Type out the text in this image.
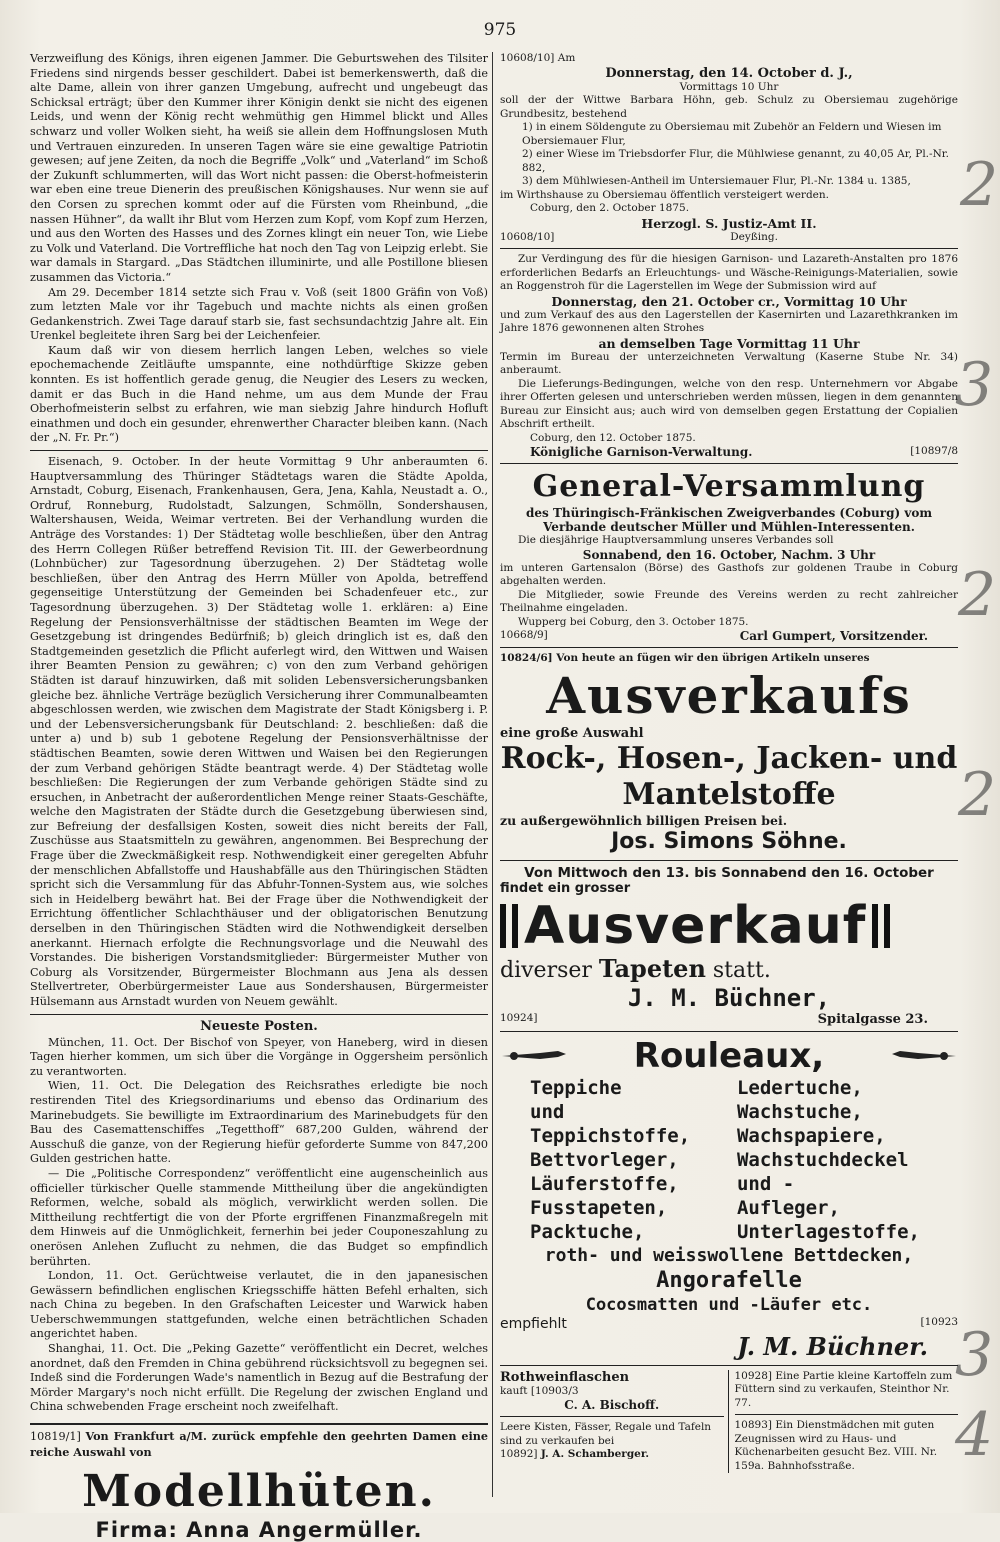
975

Verzweiflung des Königs, ihren eigenen Jammer. Die Geburtswehen des Tilsiter Friedens sind nirgends besser geschildert. Dabei ist bemerkenswerth, daß die alte Dame, allein von ihrer ganzen Umgebung, aufrecht und ungebeugt das Schicksal erträgt; über den Kummer ihrer Königin denkt sie nicht des eigenen Leids, und wenn der König recht wehmüthig gen Himmel blickt und Alles schwarz und voller Wolken sieht, ha weiß sie allein dem Hoffnungslosen Muth und Vertrauen einzureden. In unseren Tagen wäre sie eine gewaltige Patriotin gewesen; auf jene Zeiten, da noch die Begriffe „Volk“ und „Vaterland“ im Schoß der Zukunft schlummerten, will das Wort nicht passen: die Oberst-hofmeisterin war eben eine treue Dienerin des preußischen Königshauses. Nur wenn sie auf den Corsen zu sprechen kommt oder auf die Fürsten vom Rheinbund, „die nassen Hühner“, da wallt ihr Blut vom Herzen zum Kopf, vom Kopf zum Herzen, und aus den Worten des Hasses und des Zornes klingt ein neuer Ton, wie Liebe zu Volk und Vaterland. Die Vortreffliche hat noch den Tag von Leipzig erlebt. Sie war damals in Stargard. „Das Städtchen illuminirte, und alle Postillone bliesen zusammen das Victoria.“

Am 29. December 1814 setzte sich Frau v. Voß (seit 1800 Gräfin von Voß) zum letzten Male vor ihr Tagebuch und machte nichts als einen großen Gedankenstrich. Zwei Tage darauf starb sie, fast sechsundachtzig Jahre alt. Ein Urenkel begleitete ihren Sarg bei der Leichenfeier.

Kaum daß wir von diesem herrlich langen Leben, welches so viele epochemachende Zeitläufte umspannte, eine nothdürftige Skizze geben konnten. Es ist hoffentlich gerade genug, die Neugier des Lesers zu wecken, damit er das Buch in die Hand nehme, um aus dem Munde der Frau Oberhofmeisterin selbst zu erfahren, wie man siebzig Jahre hindurch Hofluft einathmen und doch ein gesunder, ehrenwerther Character bleiben kann. (Nach der „N. Fr. Pr.“)

Eisenach, 9. October. In der heute Vormittag 9 Uhr anberaumten 6. Hauptversammlung des Thüringer Städtetags waren die Städte Apolda, Arnstadt, Coburg, Eisenach, Frankenhausen, Gera, Jena, Kahla, Neustadt a. O., Ordruf, Ronneburg, Rudolstadt, Salzungen, Schmölln, Sondershausen, Waltershausen, Weida, Weimar vertreten. Bei der Verhandlung wurden die Anträge des Vorstandes: 1) Der Städtetag wolle beschließen, über den Antrag des Herrn Collegen Rüßer betreffend Revision Tit. III. der Gewerbeordnung (Lohnbücher) zur Tagesordnung überzugehen. 2) Der Städtetag wolle beschließen, über den Antrag des Herrn Müller von Apolda, betreffend gegenseitige Unterstützung der Gemeinden bei Schadenfeuer etc., zur Tagesordnung überzugehen. 3) Der Städtetag wolle 1. erklären: a) Eine Regelung der Pensionsverhältnisse der städtischen Beamten im Wege der Gesetzgebung ist dringendes Bedürfniß; b) gleich dringlich ist es, daß den Stadtgemeinden gesetzlich die Pflicht auferlegt wird, den Wittwen und Waisen ihrer Beamten Pension zu gewähren; c) von den zum Verband gehörigen Städten ist darauf hinzuwirken, daß mit soliden Lebensversicherungsbanken gleiche bez. ähnliche Verträge bezüglich Versicherung ihrer Communalbeamten abgeschlossen werden, wie zwischen dem Magistrate der Stadt Königsberg i. P. und der Lebensversicherungsbank für Deutschland: 2. beschließen: daß die unter a) und b) sub 1 gebotene Regelung der Pensionsverhältnisse der städtischen Beamten, sowie deren Wittwen und Waisen bei den Regierungen der zum Verband gehörigen Städte beantragt werde. 4) Der Städtetag wolle beschließen: Die Regierungen der zum Verbande gehörigen Städte sind zu ersuchen, in Anbetracht der außerordentlichen Menge reiner Staats-Geschäfte, welche den Magistraten der Städte durch die Gesetzgebung überwiesen sind, zur Befreiung der desfallsigen Kosten, soweit dies nicht bereits der Fall, Zuschüsse aus Staatsmitteln zu gewähren, angenommen. Bei Besprechung der Frage über die Zweckmäßigkeit resp. Nothwendigkeit einer geregelten Abfuhr der menschlichen Abfallstoffe und Haushabfälle aus den Thüringischen Städten spricht sich die Versammlung für das Abfuhr-Tonnen-System aus, wie solches sich in Heidelberg bewährt hat. Bei der Frage über die Nothwendigkeit der Errichtung öffentlicher Schlachthäuser und der obligatorischen Benutzung derselben in den Thüringischen Städten wird die Nothwendigkeit derselben anerkannt. Hiernach erfolgte die Rechnungsvorlage und die Neuwahl des Vorstandes. Die bisherigen Vorstandsmitglieder: Bürgermeister Muther von Coburg als Vorsitzender, Bürgermeister Blochmann aus Jena als dessen Stellvertreter, Oberbürgermeister Laue aus Sondershausen, Bürgermeister Hülsemann aus Arnstadt wurden von Neuem gewählt.

Neueste Posten.

München, 11. Oct. Der Bischof von Speyer, von Haneberg, wird in diesen Tagen hierher kommen, um sich über die Vorgänge in Oggersheim persönlich zu verantworten.

Wien, 11. Oct. Die Delegation des Reichsrathes erledigte bie noch restirenden Titel des Kriegsordinariums und ebenso das Ordinarium des Marinebudgets. Sie bewilligte im Extraordinarium des Marinebudgets für den Bau des Casemattenschiffes „Tegetthoff“ 687,200 Gulden, während der Ausschuß die ganze, von der Regierung hiefür geforderte Summe von 847,200 Gulden gestrichen hatte.

— Die „Politische Correspondenz“ veröffentlicht eine augenscheinlich aus officieller türkischer Quelle stammende Mittheilung über die angekündigten Reformen, welche, sobald als möglich, verwirklicht werden sollen. Die Mittheilung rechtfertigt die von der Pforte ergriffenen Finanzmaßregeln mit dem Hinweis auf die Unmöglichkeit, fernerhin bei jeder Couponeszahlung zu onerösen Anlehen Zuflucht zu nehmen, die das Budget so empfindlich berührten.

London, 11. Oct. Gerüchtweise verlautet, die in den japanesischen Gewässern befindlichen englischen Kriegsschiffe hätten Befehl erhalten, sich nach China zu begeben. In den Grafschaften Leicester und Warwick haben Ueberschwemmungen stattgefunden, welche einen beträchtlichen Schaden angerichtet haben.

Shanghai, 11. Oct. Die „Peking Gazette“ veröffentlicht ein Decret, welches anordnet, daß den Fremden in China gebührend rücksichtsvoll zu begegnen sei. Indeß sind die Forderungen Wade's namentlich in Bezug auf die Bestrafung der Mörder Margary's noch nicht erfüllt. Die Regelung der zwischen England und China schwebenden Frage erscheint noch zweifelhaft.

10819/1] Von Frankfurt a/M. zurück empfehle den geehrten Damen eine reiche Auswahl von

Modellhüten.
Firma: Anna Angermüller.

10608/10] Am

Donnerstag, den 14. October d. J.,

Vormittags 10 Uhr

soll der der Wittwe Barbara Höhn, geb. Schulz zu Obersiemau zugehörige Grundbesitz, bestehend

1) in einem Söldengute zu Obersiemau mit Zubehör an Feldern und Wiesen im Obersiemauer Flur,

2) einer Wiese im Triebsdorfer Flur, die Mühlwiese genannt, zu 40,05 Ar, Pl.-Nr. 882,

3) dem Mühlwiesen-Antheil im Untersiemauer Flur, Pl.-Nr. 1384 u. 1385,

im Wirthshause zu Obersiemau öffentlich versteigert werden.

Coburg, den 2. October 1875.

Herzogl. S. Justiz-Amt II.

10608/10]	Deyßing.

Zur Verdingung des für die hiesigen Garnison- und Lazareth-Anstalten pro 1876 erforderlichen Bedarfs an Erleuchtungs- und Wäsche-Reinigungs-Materialien, sowie an Roggenstroh für die Lagerstellen im Wege der Submission wird auf

Donnerstag, den 21. October cr., Vormittag 10 Uhr

und zum Verkauf des aus den Lagerstellen der Kasernirten und Lazarethkranken im Jahre 1876 gewonnenen alten Strohes

an demselben Tage Vormittag 11 Uhr

Termin im Bureau der unterzeichneten Verwaltung (Kaserne Stube Nr. 34) anberaumt.

Die Lieferungs-Bedingungen, welche von den resp. Unternehmern vor Abgabe ihrer Offerten gelesen und unterschrieben werden müssen, liegen in dem genannten Bureau zur Einsicht aus; auch wird von demselben gegen Erstattung der Copialien Abschrift ertheilt.

Coburg, den 12. October 1875.

Königliche Garnison-Verwaltung.	[10897/8
General-Versammlung

des Thüringisch-Fränkischen Zweigverbandes (Coburg) vom

Verbande deutscher Müller und Mühlen-Interessenten.

Die diesjährige Hauptversammlung unseres Verbandes soll

Sonnabend, den 16. October, Nachm. 3 Uhr

im unteren Gartensalon (Börse) des Gasthofs zur goldenen Traube in Coburg abgehalten werden.

Die Mitglieder, sowie Freunde des Vereins werden zu recht zahlreicher Theilnahme eingeladen.

Wupperg bei Coburg, den 3. October 1875.

10668/9]	Carl Gumpert, Vorsitzender.

10824/6] Von heute an fügen wir den übrigen Artikeln unseres

Ausverkaufs

eine große Auswahl

Rock-, Hosen-, Jacken- und
Mantelstoffe

zu außergewöhnlich billigen Preisen bei.

Jos. Simons Söhne.

Von Mittwoch den 13. bis Sonnabend den 16. October

findet ein grosser

Ausverkauf

diverser Tapeten statt.

J. M. Büchner,

10924]	Spitalgasse 23.
Rouleaux,
Teppiche und
Teppichstoffe,
Bettvorleger,
Läuferstoffe,
Fusstapeten,
Packtuche,
Ledertuche,
Wachstuche,
Wachspapiere,
Wachstuchdeckel
und -Aufleger,
Unterlagestoffe,

roth- und weisswollene Bettdecken,

Angorafelle

Cocosmatten und -Läufer etc.

empfiehlt	[10923

J. M. Büchner.

Rothweinflaschen

kauft [10903/3

C. A. Bischoff.

Leere Kisten, Fässer, Regale und Tafeln sind zu verkaufen bei

10892] J. A. Schamberger.

10928] Eine Partie kleine Kartoffeln zum Füttern sind zu verkaufen, Steinthor Nr. 77.

10893] Ein Dienstmädchen mit guten Zeugnissen wird zu Haus- und Küchenarbeiten gesucht Bez. VIII. Nr. 159a. Bahnhofsstraße.

2
3
2
2
3
4
